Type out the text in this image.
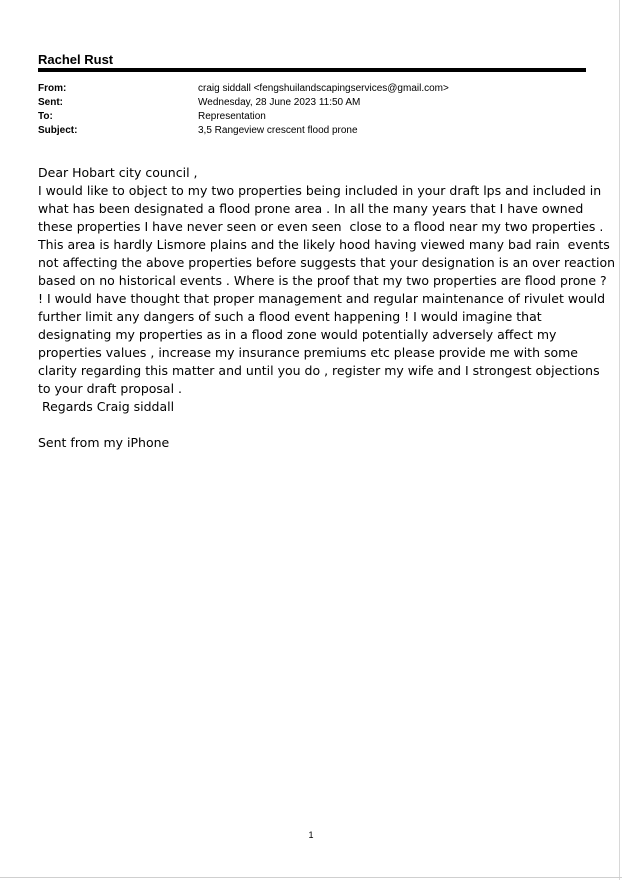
Rachel Rust
From:	craig siddall <fengshuilandscapingservices@gmail.com>
Sent:	Wednesday, 28 June 2023 11:50 AM
To:	Representation
Subject:	3,5 Rangeview crescent flood prone
Dear Hobart city council ,
I would like to object to my two properties being included in your draft lps and included in
what has been designated a flood prone area . In all the many years that I have owned
these properties I have never seen or even seen  close to a flood near my two properties .
This area is hardly Lismore plains and the likely hood having viewed many bad rain  events
not affecting the above properties before suggests that your designation is an over reaction
based on no historical events . Where is the proof that my two properties are flood prone ?
! I would have thought that proper management and regular maintenance of rivulet would
further limit any dangers of such a flood event happening ! I would imagine that
designating my properties as in a flood zone would potentially adversely affect my
properties values , increase my insurance premiums etc please provide me with some
clarity regarding this matter and until you do , register my wife and I strongest objections
to your draft proposal .
Regards Craig siddall
Sent from my iPhone
1
